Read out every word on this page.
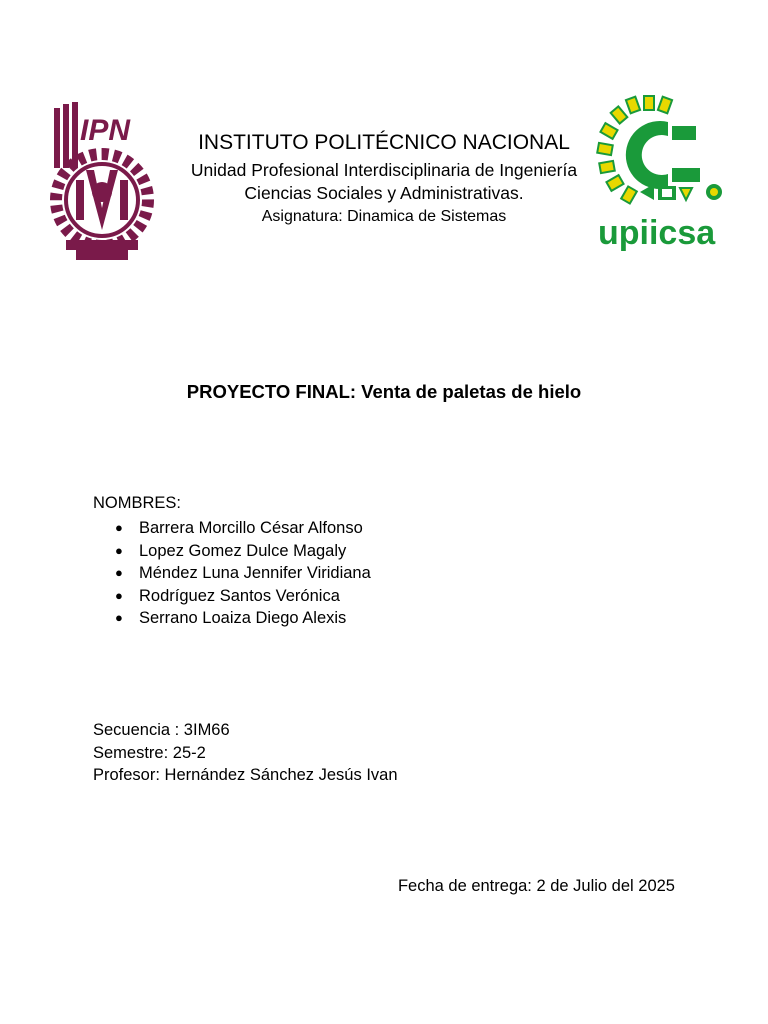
IPN	INSTITUTO POLITÉCNICO NACIONAL
Unidad Profesional Interdisciplinaria de Ingeniería
Ciencias Sociales y Administrativas.
Asignatura: Dinamica de Sistemas	upiicsa
PROYECTO FINAL: Venta de paletas de hielo
NOMBRES:
● Barrera Morcillo César Alfonso
● Lopez Gomez Dulce Magaly
● Méndez Luna Jennifer Viridiana
● Rodríguez Santos Verónica
● Serrano Loaiza Diego Alexis
Secuencia : 3IM66
Semestre: 25-2
Profesor: Hernández Sánchez Jesús Ivan
Fecha de entrega: 2 de Julio del 2025
